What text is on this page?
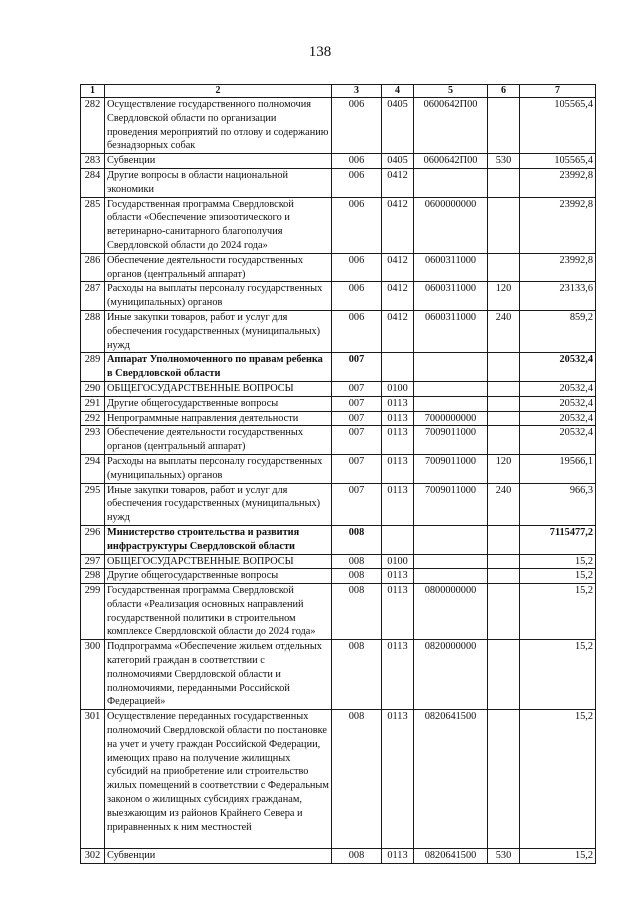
138
1	2	3	4	5	6	7
282	Осуществление государственного полномочия Свердловской области по организации проведения мероприятий по отлову и содержанию безнадзорных собак	006	0405	0600642П00		105565,4
283	Субвенции	006	0405	0600642П00	530	105565,4
284	Другие вопросы в области национальной экономики	006	0412			23992,8
285	Государственная программа Свердловской области «Обеспечение эпизоотического и ветеринарно-санитарного благополучия Свердловской области до 2024 года»	006	0412	0600000000		23992,8
286	Обеспечение деятельности государственных органов (центральный аппарат)	006	0412	0600311000		23992,8
287	Расходы на выплаты персоналу государственных (муниципальных) органов	006	0412	0600311000	120	23133,6
288	Иные закупки товаров, работ и услуг для обеспечения государственных (муниципальных) нужд	006	0412	0600311000	240	859,2
289	Аппарат Уполномоченного по правам ребенка в Свердловской области	007				20532,4
290	ОБЩЕГОСУДАРСТВЕННЫЕ ВОПРОСЫ	007	0100			20532,4
291	Другие общегосударственные вопросы	007	0113			20532,4
292	Непрограммные направления деятельности	007	0113	7000000000		20532,4
293	Обеспечение деятельности государственных органов (центральный аппарат)	007	0113	7009011000		20532,4
294	Расходы на выплаты персоналу государственных (муниципальных) органов	007	0113	7009011000	120	19566,1
295	Иные закупки товаров, работ и услуг для обеспечения государственных (муниципальных) нужд	007	0113	7009011000	240	966,3
296	Министерство строительства и развития инфраструктуры Свердловской области	008				7115477,2
297	ОБЩЕГОСУДАРСТВЕННЫЕ ВОПРОСЫ	008	0100			15,2
298	Другие общегосударственные вопросы	008	0113			15,2
299	Государственная программа Свердловской области «Реализация основных направлений государственной политики в строительном комплексе Свердловской области до 2024 года»	008	0113	0800000000		15,2
300	Подпрограмма «Обеспечение жильем отдельных категорий граждан в соответствии с полномочиями Свердловской области и полномочиями, переданными Российской Федерацией»	008	0113	0820000000		15,2
301	Осуществление переданных государственных полномочий Свердловской области по постановке на учет и учету граждан Российской Федерации, имеющих право на получение жилищных субсидий на приобретение или строительство жилых помещений в соответствии с Федеральным законом о жилищных субсидиях гражданам, выезжающим из районов Крайнего Севера и приравненных к ним местностей	008	0113	0820641500		15,2
302	Субвенции	008	0113	0820641500	530	15,2
